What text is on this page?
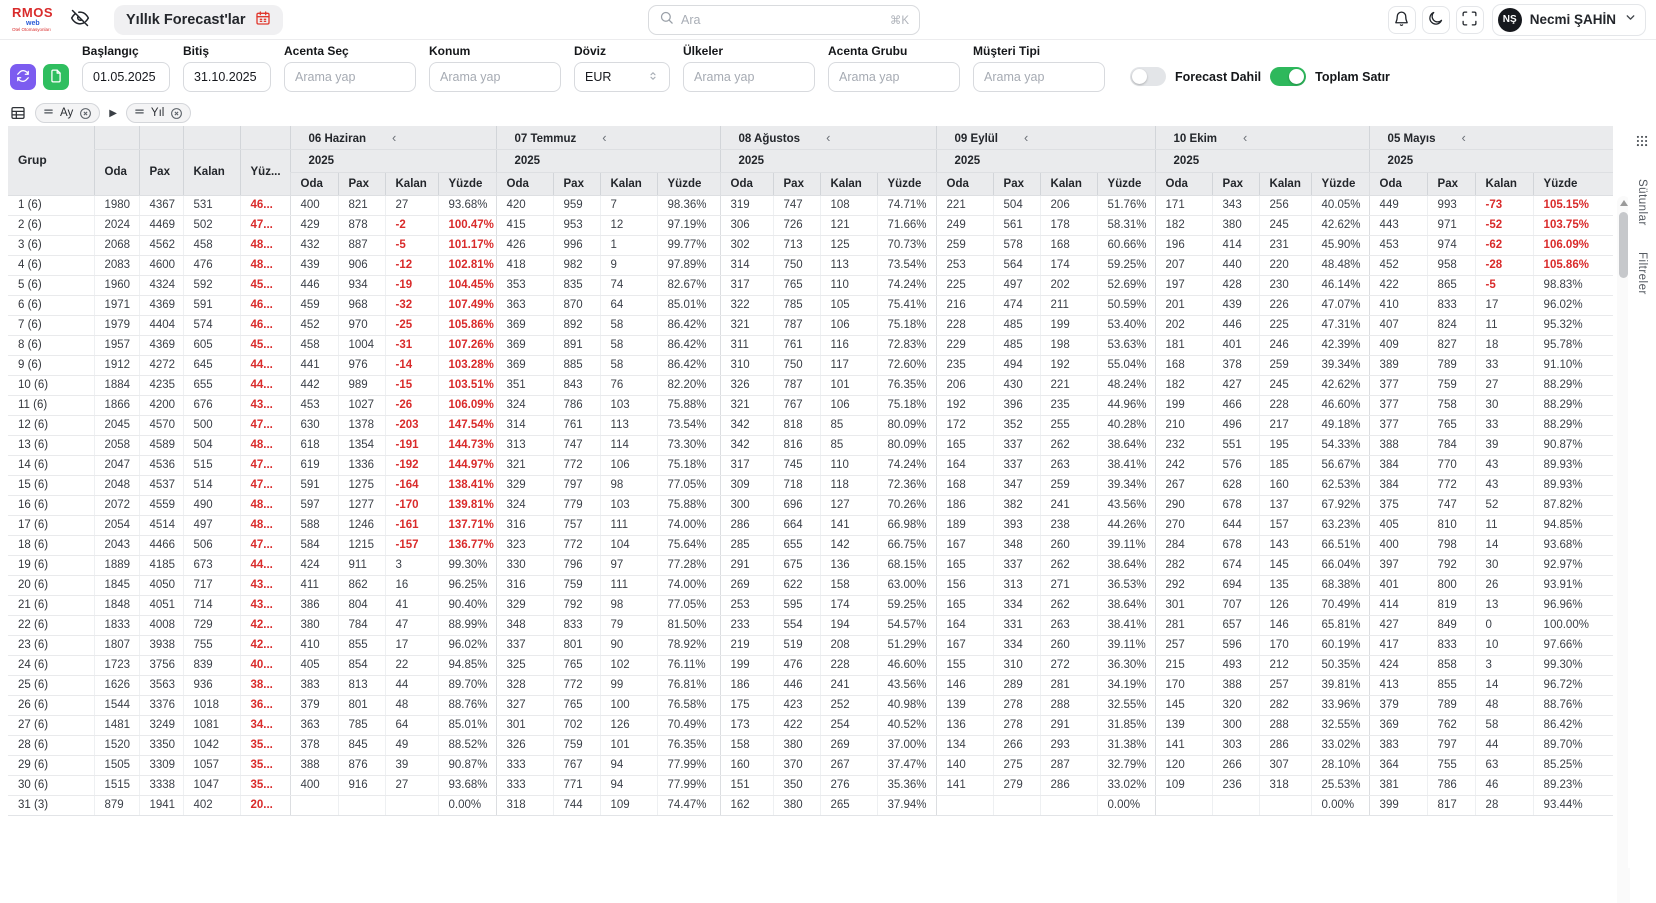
RMOS
web
Otel Otomasyonları
Yıllık Forecast'lar
Ara	⌘K	NŞ Necmi ŞAHİN
Başlangıç
01.05.2025	Bitiş
31.10.2025	Acenta Seç
Arama yap	Konum
Arama yap	Döviz
EUR
Ülkeler
Arama yap	Acenta Grubu
Arama yap	Müşteri Tipi
Arama yap
Forecast Dahil	Toplam Satır
Ay	▶	Yıl
Grup					06 Haziran ‹				07 Temmuz ‹				08 Ağustos ‹				09 Eylül ‹				10 Ekim ‹				05 Mayıs ‹			
	Oda	Pax	Kalan	Yüz...	2025				2025				2025				2025				2025				2025			
					Oda	Pax	Kalan	Yüzde	Oda	Pax	Kalan	Yüzde	Oda	Pax	Kalan	Yüzde	Oda	Pax	Kalan	Yüzde	Oda	Pax	Kalan	Yüzde	Oda	Pax	Kalan	Yüzde
1 (6)	1980	4367	531	46...	400	821	27	93.68%	420	959	7	98.36%	319	747	108	74.71%	221	504	206	51.76%	171	343	256	40.05%	449	993	-73	105.15%
2 (6)	2024	4469	502	47...	429	878	-2	100.47%	415	953	12	97.19%	306	726	121	71.66%	249	561	178	58.31%	182	380	245	42.62%	443	971	-52	103.75%
3 (6)	2068	4562	458	48...	432	887	-5	101.17%	426	996	1	99.77%	302	713	125	70.73%	259	578	168	60.66%	196	414	231	45.90%	453	974	-62	106.09%
4 (6)	2083	4600	476	48...	439	906	-12	102.81%	418	982	9	97.89%	314	750	113	73.54%	253	564	174	59.25%	207	440	220	48.48%	452	958	-28	105.86%
5 (6)	1960	4324	592	45...	446	934	-19	104.45%	353	835	74	82.67%	317	765	110	74.24%	225	497	202	52.69%	197	428	230	46.14%	422	865	-5	98.83%
6 (6)	1971	4369	591	46...	459	968	-32	107.49%	363	870	64	85.01%	322	785	105	75.41%	216	474	211	50.59%	201	439	226	47.07%	410	833	17	96.02%
7 (6)	1979	4404	574	46...	452	970	-25	105.86%	369	892	58	86.42%	321	787	106	75.18%	228	485	199	53.40%	202	446	225	47.31%	407	824	11	95.32%
8 (6)	1957	4369	605	45...	458	1004	-31	107.26%	369	891	58	86.42%	311	761	116	72.83%	229	485	198	53.63%	181	401	246	42.39%	409	827	18	95.78%
9 (6)	1912	4272	645	44...	441	976	-14	103.28%	369	885	58	86.42%	310	750	117	72.60%	235	494	192	55.04%	168	378	259	39.34%	389	789	33	91.10%
10 (6)	1884	4235	655	44...	442	989	-15	103.51%	351	843	76	82.20%	326	787	101	76.35%	206	430	221	48.24%	182	427	245	42.62%	377	759	27	88.29%
11 (6)	1866	4200	676	43...	453	1027	-26	106.09%	324	786	103	75.88%	321	767	106	75.18%	192	396	235	44.96%	199	466	228	46.60%	377	758	30	88.29%
12 (6)	2045	4570	500	47...	630	1378	-203	147.54%	314	761	113	73.54%	342	818	85	80.09%	172	352	255	40.28%	210	496	217	49.18%	377	765	33	88.29%
13 (6)	2058	4589	504	48...	618	1354	-191	144.73%	313	747	114	73.30%	342	816	85	80.09%	165	337	262	38.64%	232	551	195	54.33%	388	784	39	90.87%
14 (6)	2047	4536	515	47...	619	1336	-192	144.97%	321	772	106	75.18%	317	745	110	74.24%	164	337	263	38.41%	242	576	185	56.67%	384	770	43	89.93%
15 (6)	2048	4537	514	47...	591	1275	-164	138.41%	329	797	98	77.05%	309	718	118	72.36%	168	347	259	39.34%	267	628	160	62.53%	384	772	43	89.93%
16 (6)	2072	4559	490	48...	597	1277	-170	139.81%	324	779	103	75.88%	300	696	127	70.26%	186	382	241	43.56%	290	678	137	67.92%	375	747	52	87.82%
17 (6)	2054	4514	497	48...	588	1246	-161	137.71%	316	757	111	74.00%	286	664	141	66.98%	189	393	238	44.26%	270	644	157	63.23%	405	810	11	94.85%
18 (6)	2043	4466	506	47...	584	1215	-157	136.77%	323	772	104	75.64%	285	655	142	66.75%	167	348	260	39.11%	284	678	143	66.51%	400	798	14	93.68%
19 (6)	1889	4185	673	44...	424	911	3	99.30%	330	796	97	77.28%	291	675	136	68.15%	165	337	262	38.64%	282	674	145	66.04%	397	792	30	92.97%
20 (6)	1845	4050	717	43...	411	862	16	96.25%	316	759	111	74.00%	269	622	158	63.00%	156	313	271	36.53%	292	694	135	68.38%	401	800	26	93.91%
21 (6)	1848	4051	714	43...	386	804	41	90.40%	329	792	98	77.05%	253	595	174	59.25%	165	334	262	38.64%	301	707	126	70.49%	414	819	13	96.96%
22 (6)	1833	4008	729	42...	380	784	47	88.99%	348	833	79	81.50%	233	554	194	54.57%	164	331	263	38.41%	281	657	146	65.81%	427	849	0	100.00%
23 (6)	1807	3938	755	42...	410	855	17	96.02%	337	801	90	78.92%	219	519	208	51.29%	167	334	260	39.11%	257	596	170	60.19%	417	833	10	97.66%
24 (6)	1723	3756	839	40...	405	854	22	94.85%	325	765	102	76.11%	199	476	228	46.60%	155	310	272	36.30%	215	493	212	50.35%	424	858	3	99.30%
25 (6)	1626	3563	936	38...	383	813	44	89.70%	328	772	99	76.81%	186	446	241	43.56%	146	289	281	34.19%	170	388	257	39.81%	413	855	14	96.72%
26 (6)	1544	3376	1018	36...	379	801	48	88.76%	327	765	100	76.58%	175	423	252	40.98%	139	278	288	32.55%	145	320	282	33.96%	379	789	48	88.76%
27 (6)	1481	3249	1081	34...	363	785	64	85.01%	301	702	126	70.49%	173	422	254	40.52%	136	278	291	31.85%	139	300	288	32.55%	369	762	58	86.42%
28 (6)	1520	3350	1042	35...	378	845	49	88.52%	326	759	101	76.35%	158	380	269	37.00%	134	266	293	31.38%	141	303	286	33.02%	383	797	44	89.70%
29 (6)	1505	3309	1057	35...	388	876	39	90.87%	333	767	94	77.99%	160	370	267	37.47%	140	275	287	32.79%	120	266	307	28.10%	364	755	63	85.25%
30 (6)	1515	3338	1047	35...	400	916	27	93.68%	333	771	94	77.99%	151	350	276	35.36%	141	279	286	33.02%	109	236	318	25.53%	381	786	46	89.23%
31 (3)	879	1941	402	20...				0.00%	318	744	109	74.47%	162	380	265	37.94%				0.00%				0.00%	399	817	28	93.44%
Sütunlar
Filtreler
